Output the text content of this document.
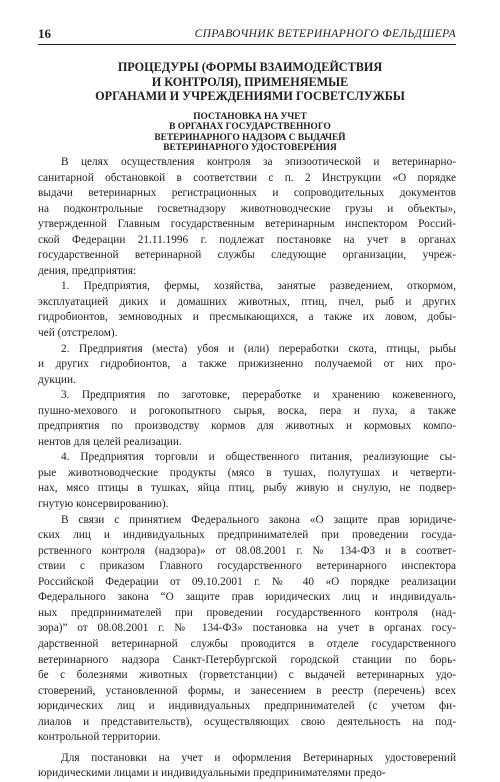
16	СПРАВОЧНИК ВЕТЕРИНАРНОГО ФЕЛЬДШЕРА
ПРОЦЕДУРЫ (ФОРМЫ ВЗАИМОДЕЙСТВИЯ
И КОНТРОЛЯ), ПРИМЕНЯЕМЫЕ
ОРГАНАМИ И УЧРЕЖДЕНИЯМИ ГОСВЕТСЛУЖБЫ
ПОСТАНОВКА НА УЧЕТ
В ОРГАНАХ ГОСУДАРСТВЕННОГО
ВЕТЕРИНАРНОГО НАДЗОРА С ВЫДАЧЕЙ
ВЕТЕРИНАРНОГО УДОСТОВЕРЕНИЯ
В целях осуществления контроля за эпизоотической и ветеринарно-
санитарной обстановкой в соответствии с п. 2 Инструкции «О порядке
выдачи ветеринарных регистрационных и сопроводительных документов
на подконтрольные госветнадзору животноводческие грузы и объекты»,
утвержденной Главным государственным ветеринарным инспектором Россий-
ской Федерации 21.11.1996 г. подлежат постановке на учет в органах
государственной ветеринарной службы следующие организации, учреж-
дения, предприятия:
1. Предприятия, фермы, хозяйства, занятые разведением, откормом,
эксплуатацией диких и домашних животных, птиц, пчел, рыб и других
гидробионтов, земноводных и пресмыкающихся, а также их ловом, добы-
чей (отстрелом).
2. Предприятия (места) убоя и (или) переработки скота, птицы, рыбы
и других гидробионтов, а также прижизненно получаемой от них про-
дукции.
3. Предприятия по заготовке, переработке и хранению кожевенного,
пушно-мехового и рогокопытного сырья, воска, пера и пуха, а также
предприятия по производству кормов для животных и кормовых компо-
нентов для целей реализации.
4. Предприятия торговли и общественного питания, реализующие сы-
рые животноводческие продукты (мясо в тушах, полутушах и четверти-
нах, мясо птицы в тушках, яйца птиц, рыбу живую и снулую, не подвер-
гнутую консервированию).
В связи с принятием Федерального закона «О защите прав юридиче-
ских лиц и индивидуальных предпринимателей при проведении госуда-
рственного контроля (надзора)» от 08.08.2001 г. № 134-ФЗ и в соответ-
ствии с приказом Главного государственного ветеринарного инспектора
Российской Федерации от 09.10.2001 г. № 40 «О порядке реализации
Федерального закона “О защите прав юридических лиц и индивидуаль-
ных предпринимателей при проведении государственного контроля (над-
зора)” от 08.08.2001 г. № 134-ФЗ» постановка на учет в органах госу-
дарственной ветеринарной службы проводится в отделе государственного
ветеринарного надзора Санкт-Петербургской городской станции по борь-
бе с болезнями животных (горветстанции) с выдачей ветеринарных удо-
стоверений, установленной формы, и занесением в реестр (перечень) всех
юридических лиц и индивидуальных предпринимателей (с учетом фи-
лиалов и представительств), осуществляющих свою деятельность на под-
контрольной территории.
Для постановки на учет и оформления Ветеринарных удостоверений
юридическими лицами и индивидуальными предпринимателями предо-
